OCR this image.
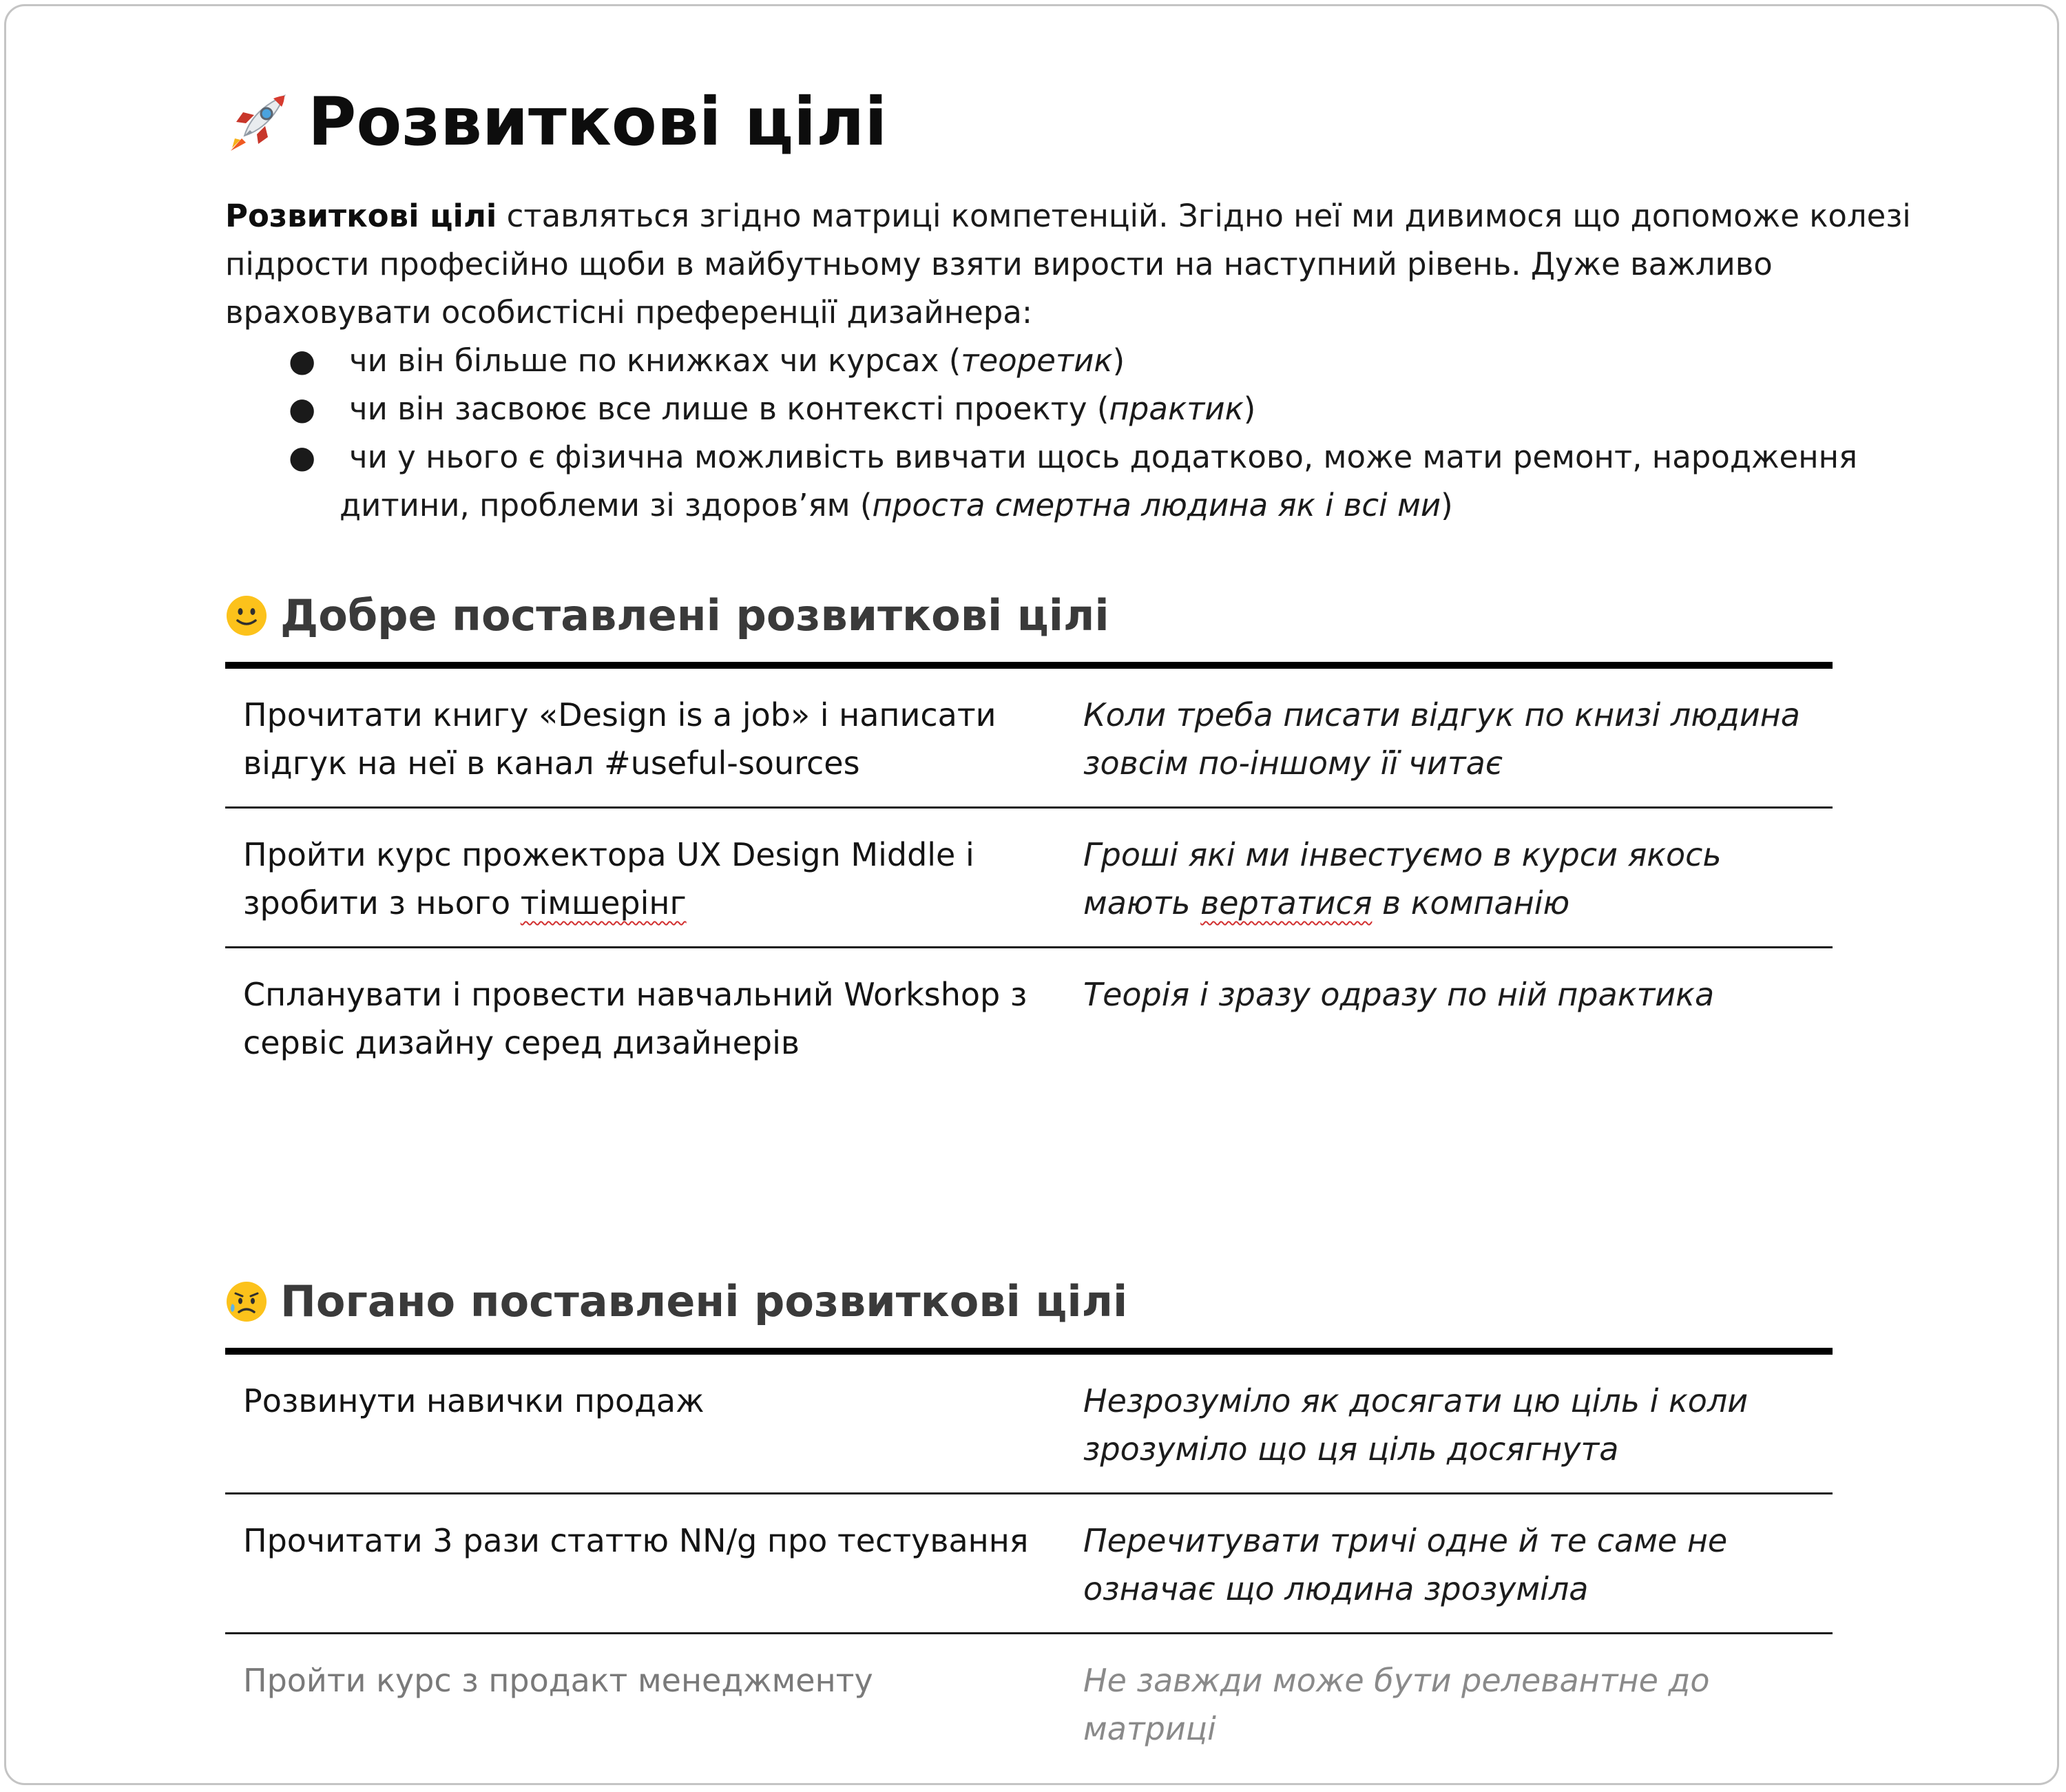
Розвиткові цілі

Розвиткові цілі ставляться згідно матриці компетенцій. Згідно неї ми дивимося що допоможе колезі підрости професійно щоби в майбутньому взяти вирости на наступний рівень. Дуже важливо враховувати особистісні преференції дизайнера:

● чи він більше по книжках чи курсах (теоретик)
● чи він засвоює все лише в контексті проекту (практик)
● чи у нього є фізична можливість вивчати щось додатково, може мати ремонт, народження
дитини, проблеми зі здоров’ям (проста смертна людина як і всі ми)
Добре поставлені розвиткові цілі
Прочитати книгу «Design is a job» і написати відгук на неї в канал #useful-sources	Коли треба писати відгук по книзі людина зовсім по-іншому її читає
Пройти курс прожектора UX Design Middle і зробити з нього тімшерінг	Гроші які ми інвестуємо в курси якось мають вертатися в компанію
Спланувати і провести навчальний Workshop з сервіс дизайну серед дизайнерів	Теорія і зразу одразу по ній практика
Погано поставлені розвиткові цілі
Розвинути навички продаж	Незрозуміло як досягати цю ціль і коли зрозуміло що ця ціль досягнута
Прочитати 3 рази статтю NN/g про тестування	Перечитувати тричі одне й те саме не означає що людина зрозуміла
Пройти курс з продакт менеджменту	Не завжди може бути релевантне до матриці
